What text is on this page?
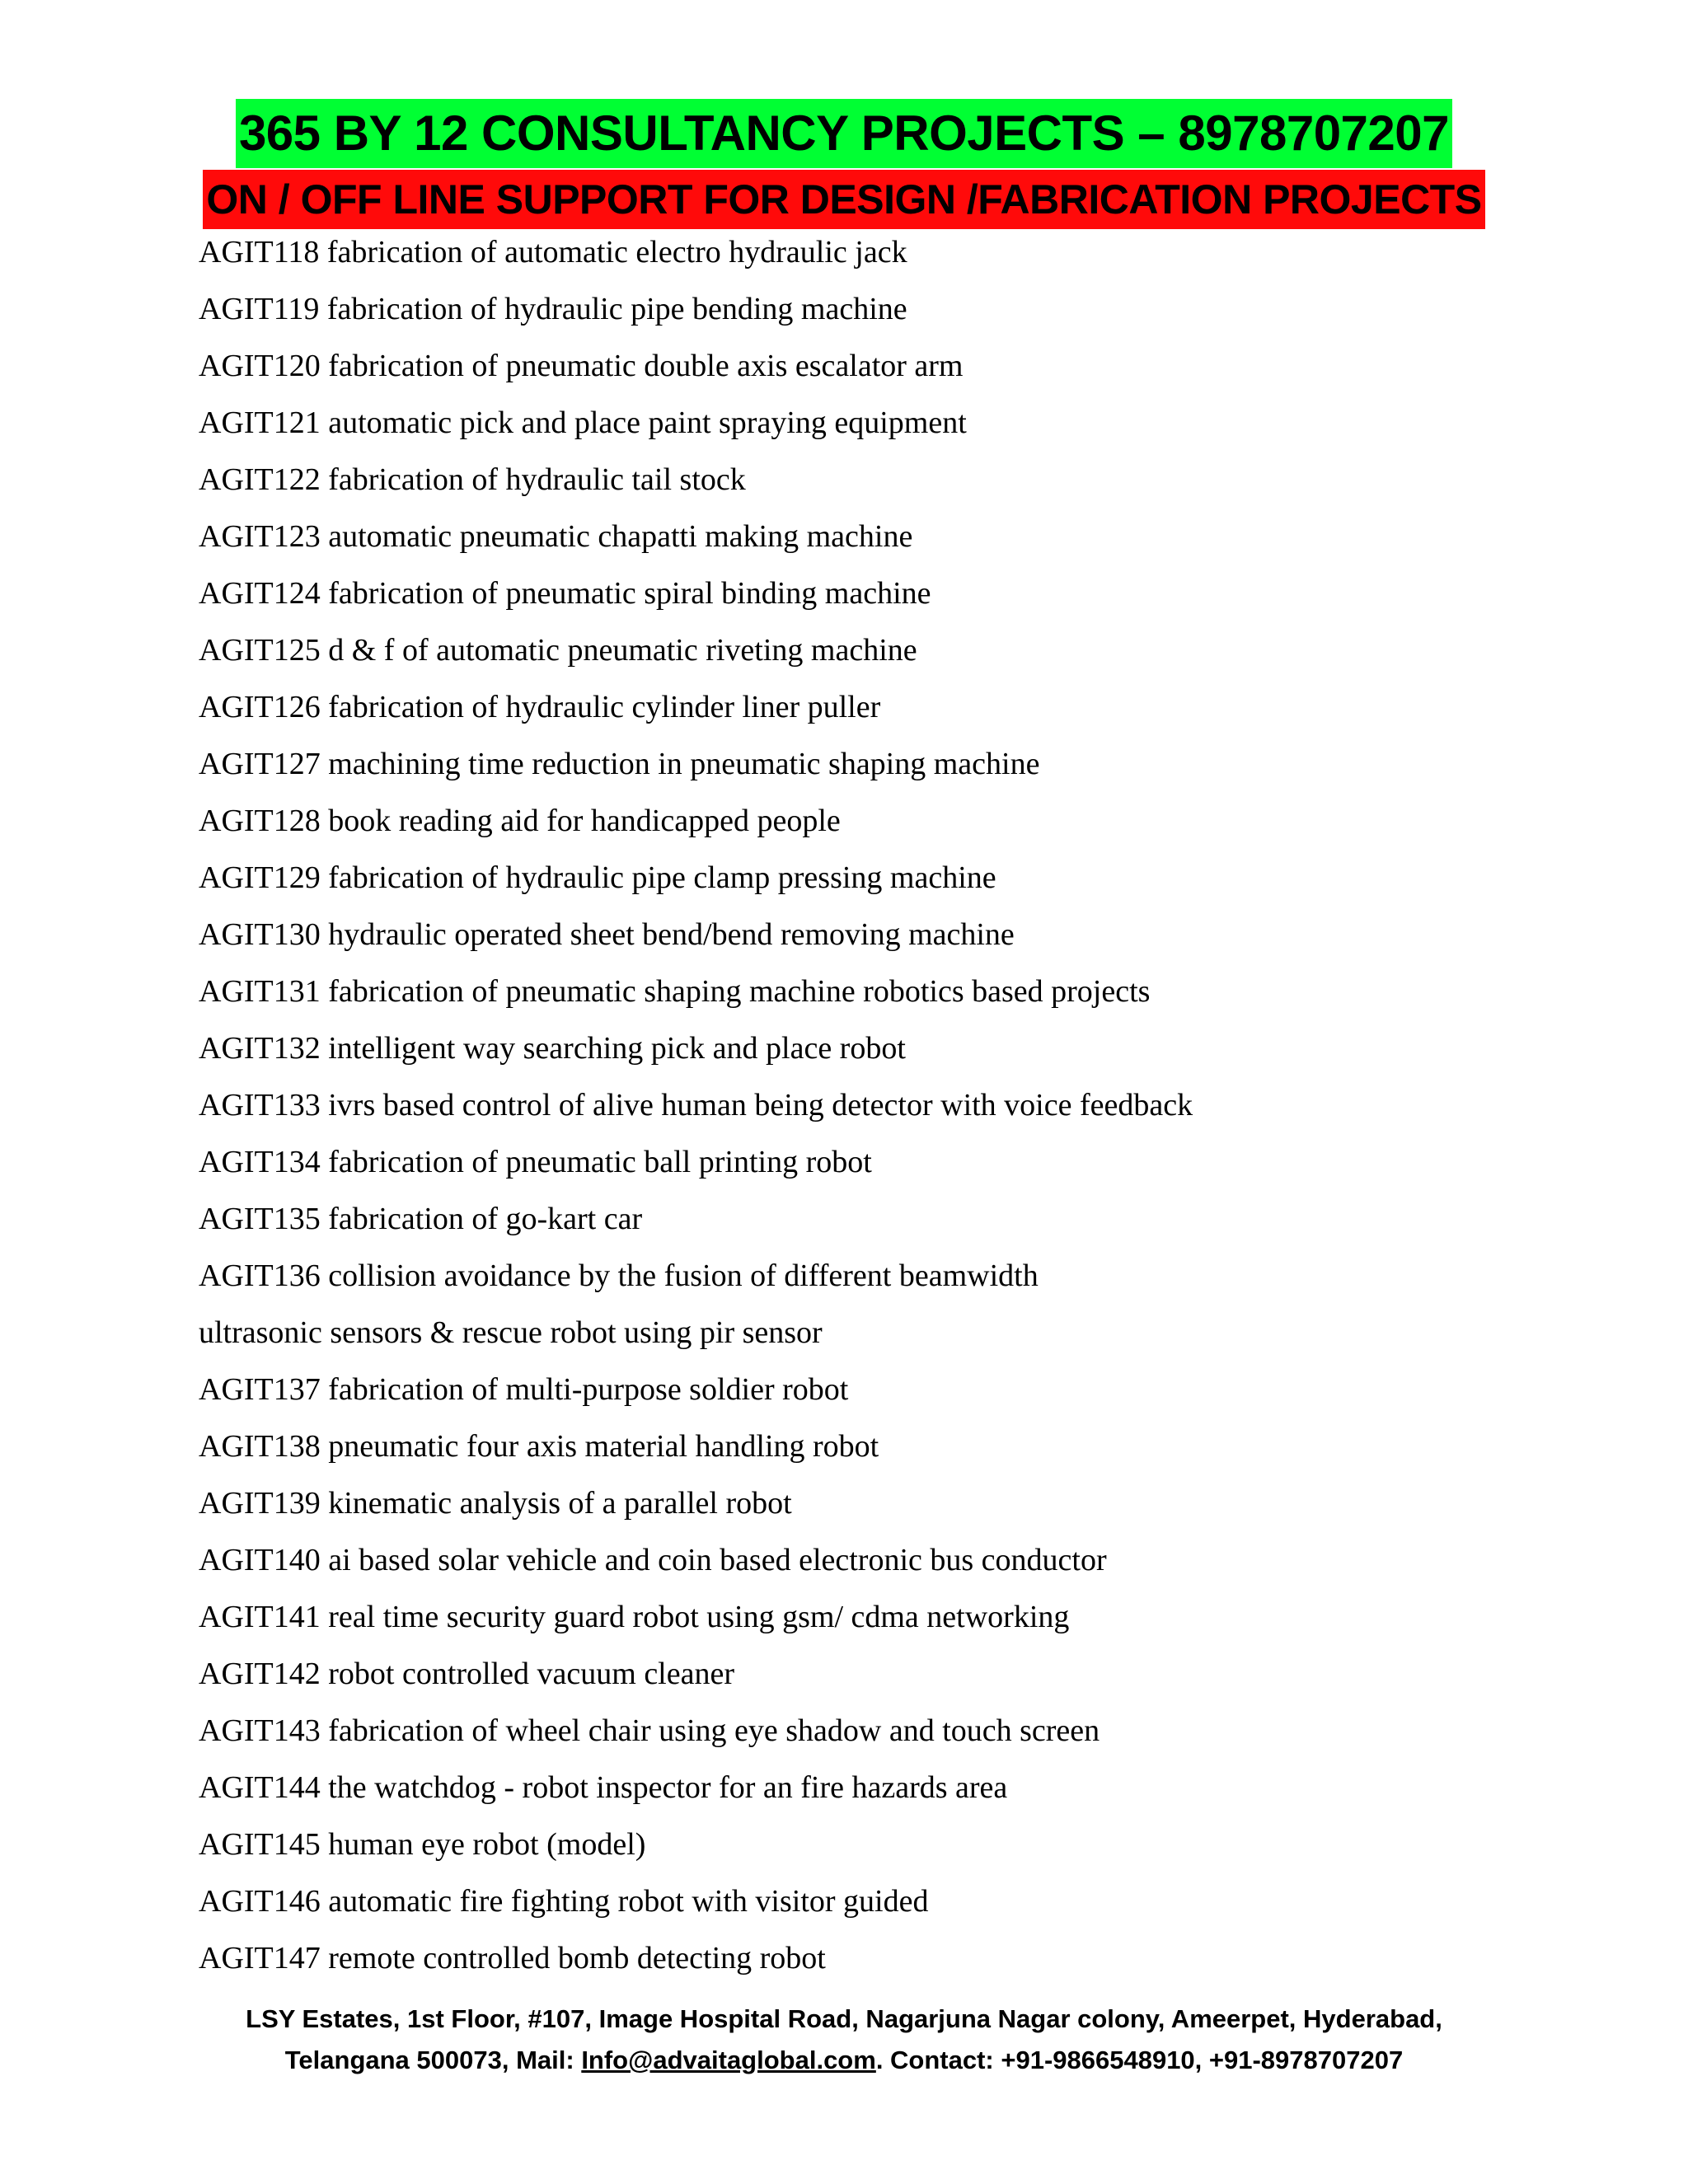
365 BY 12 CONSULTANCY PROJECTS – 8978707207
ON / OFF LINE SUPPORT FOR DESIGN /FABRICATION PROJECTS
AGIT118 fabrication of automatic electro hydraulic jack
AGIT119 fabrication of hydraulic pipe bending machine
AGIT120 fabrication of pneumatic double axis escalator arm
AGIT121 automatic pick and place paint spraying equipment
AGIT122 fabrication of hydraulic tail stock
AGIT123 automatic pneumatic chapatti making machine
AGIT124 fabrication of pneumatic spiral binding machine
AGIT125 d & f of automatic pneumatic riveting machine
AGIT126 fabrication of hydraulic cylinder liner puller
AGIT127 machining time reduction in pneumatic shaping machine
AGIT128 book reading aid for handicapped people
AGIT129 fabrication of hydraulic pipe clamp pressing machine
AGIT130 hydraulic operated sheet bend/bend removing machine
AGIT131 fabrication of pneumatic shaping machine robotics based projects
AGIT132 intelligent way searching pick and place robot
AGIT133 ivrs based control of alive human being detector with voice feedback
AGIT134 fabrication of pneumatic ball printing robot
AGIT135 fabrication of go-kart car
AGIT136 collision avoidance by the fusion of different beamwidth
ultrasonic sensors & rescue robot using pir sensor
AGIT137 fabrication of multi-purpose soldier robot
AGIT138 pneumatic four axis material handling robot
AGIT139 kinematic analysis of a parallel robot
AGIT140 ai based solar vehicle and coin based electronic bus conductor
AGIT141 real time security guard robot using gsm/ cdma networking
AGIT142 robot controlled vacuum cleaner
AGIT143 fabrication of wheel chair using eye shadow and touch screen
AGIT144 the watchdog - robot inspector for an fire hazards area
AGIT145 human eye robot (model)
AGIT146 automatic fire fighting robot with visitor guided
AGIT147 remote controlled bomb detecting robot
LSY Estates, 1st Floor, #107, Image Hospital Road, Nagarjuna Nagar colony, Ameerpet, Hyderabad,
Telangana 500073, Mail: Info@advaitaglobal.com. Contact: +91-9866548910, +91-8978707207
